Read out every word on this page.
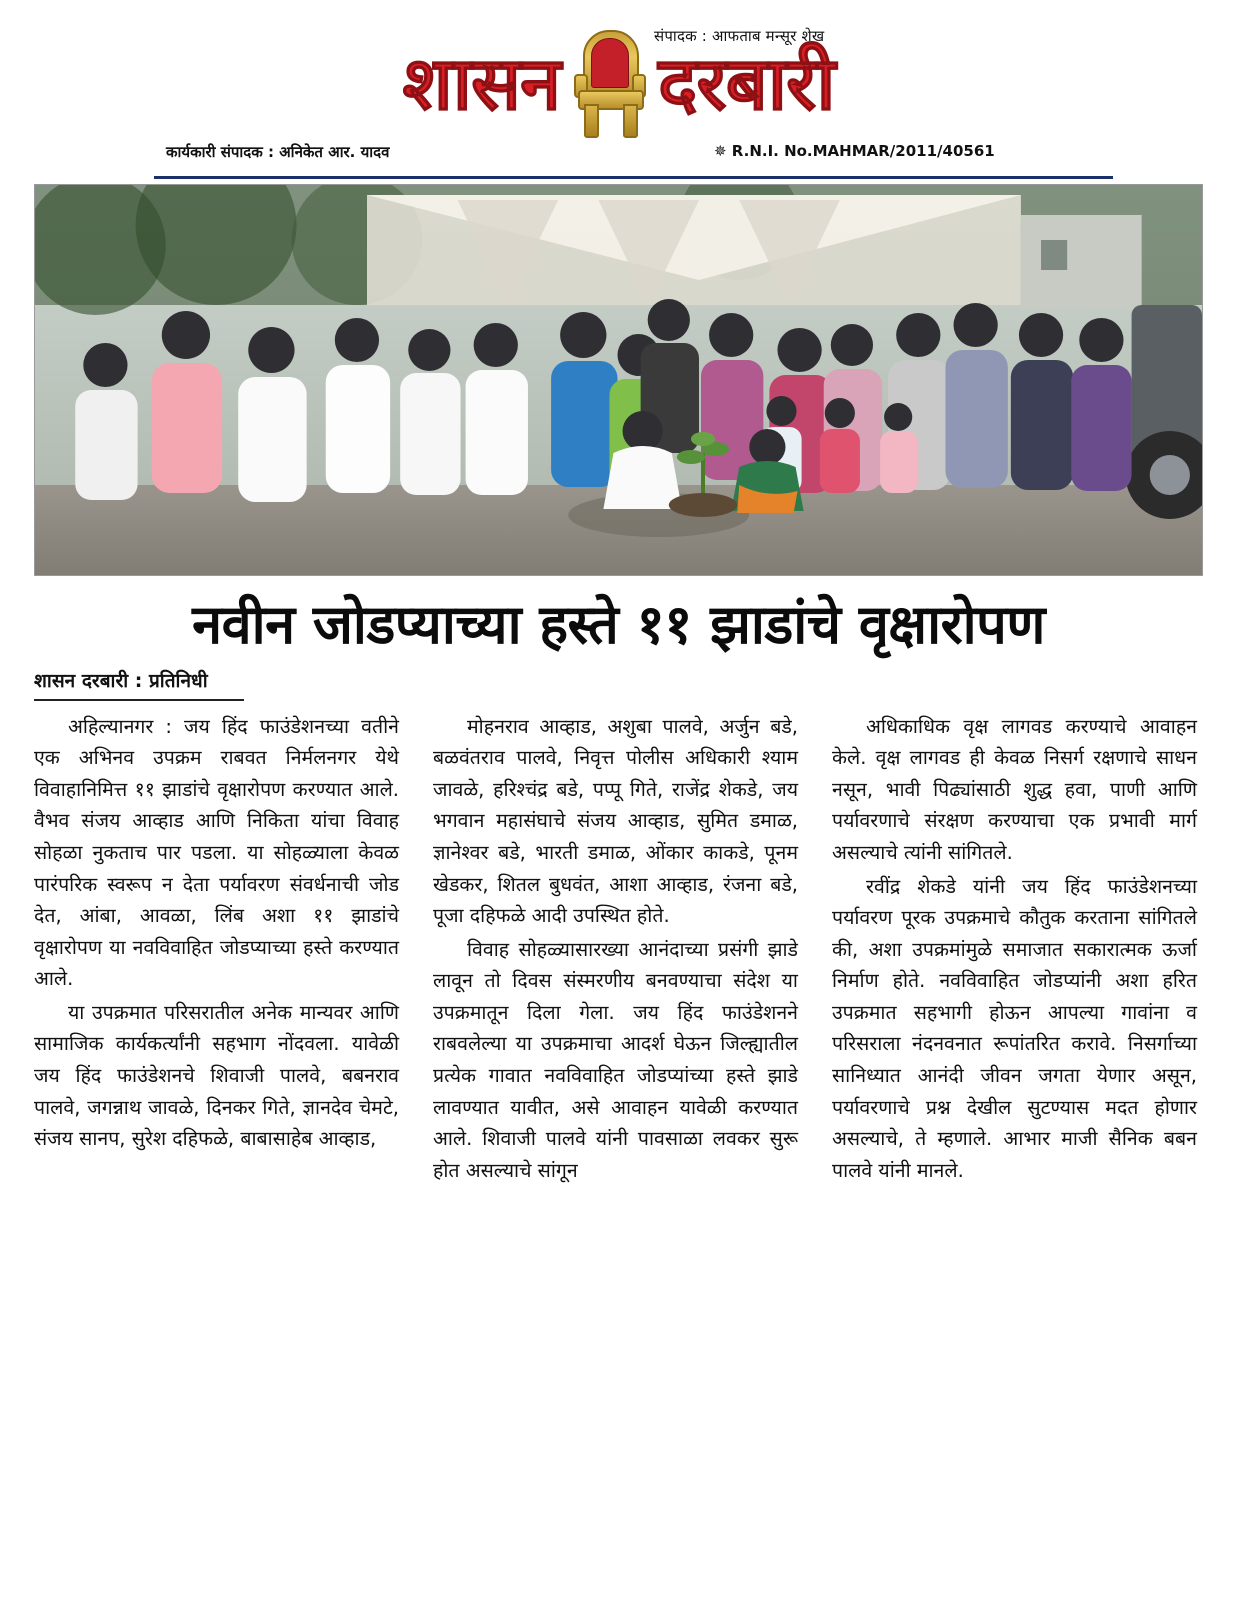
संपादक : आफताब मन्सूर शेख
शासन दरबारी
कार्यकारी संपादक : अनिकेत आर. यादव	✵ R.N.I. No.MAHMAR/2011/40561
नवीन जोडप्याच्या हस्ते ११ झाडांचे वृक्षारोपण
शासन दरबारी : प्रतिनिधी

अहिल्यानगर : जय हिंद फाउंडेशनच्या वतीने एक अभिनव उपक्रम राबवत निर्मलनगर येथे विवाहानिमित्त ११ झाडांचे वृक्षारोपण करण्यात आले. वैभव संजय आव्हाड आणि निकिता यांचा विवाह सोहळा नुकताच पार पडला. या सोहळ्याला केवळ पारंपरिक स्वरूप न देता पर्यावरण संवर्धनाची जोड देत, आंबा, आवळा, लिंब अशा ११ झाडांचे वृक्षारोपण या नवविवाहित जोडप्याच्या हस्ते करण्यात आले.

या उपक्रमात परिसरातील अनेक मान्यवर आणि सामाजिक कार्यकर्त्यांनी सहभाग नोंदवला. यावेळी जय हिंद फाउंडेशनचे शिवाजी पालवे, बबनराव पालवे, जगन्नाथ जावळे, दिनकर गिते, ज्ञानदेव चेमटे, संजय सानप, सुरेश दहिफळे, बाबासाहेब आव्हाड,

मोहनराव आव्हाड, अशुबा पालवे, अर्जुन बडे, बळवंतराव पालवे, निवृत्त पोलीस अधिकारी श्याम जावळे, हरिश्चंद्र बडे, पप्पू गिते, राजेंद्र शेकडे, जय भगवान महासंघाचे संजय आव्हाड, सुमित डमाळ, ज्ञानेश्वर बडे, भारती डमाळ, ओंकार काकडे, पूनम खेडकर, शितल बुधवंत, आशा आव्हाड, रंजना बडे, पूजा दहिफळे आदी उपस्थित होते.

विवाह सोहळ्यासारख्या आनंदाच्या प्रसंगी झाडे लावून तो दिवस संस्मरणीय बनवण्याचा संदेश या उपक्रमातून दिला गेला. जय हिंद फाउंडेशनने राबवलेल्या या उपक्रमाचा आदर्श घेऊन जिल्ह्यातील प्रत्येक गावात नवविवाहित जोडप्यांच्या हस्ते झाडे लावण्यात यावीत, असे आवाहन यावेळी करण्यात आले. शिवाजी पालवे यांनी पावसाळा लवकर सुरू होत असल्याचे सांगून

अधिकाधिक वृक्ष लागवड करण्याचे आवाहन केले. वृक्ष लागवड ही केवळ निसर्ग रक्षणाचे साधन नसून, भावी पिढ्यांसाठी शुद्ध हवा, पाणी आणि पर्यावरणाचे संरक्षण करण्याचा एक प्रभावी मार्ग असल्याचे त्यांनी सांगितले.

रवींद्र शेकडे यांनी जय हिंद फाउंडेशनच्या पर्यावरण पूरक उपक्रमाचे कौतुक करताना सांगितले की, अशा उपक्रमांमुळे समाजात सकारात्मक ऊर्जा निर्माण होते. नवविवाहित जोडप्यांनी अशा हरित उपक्रमात सहभागी होऊन आपल्या गावांना व परिसराला नंदनवनात रूपांतरित करावे. निसर्गाच्या सानिध्यात आनंदी जीवन जगता येणार असून, पर्यावरणाचे प्रश्न देखील सुटण्यास मदत होणार असल्याचे, ते म्हणाले. आभार माजी सैनिक बबन पालवे यांनी मानले.
